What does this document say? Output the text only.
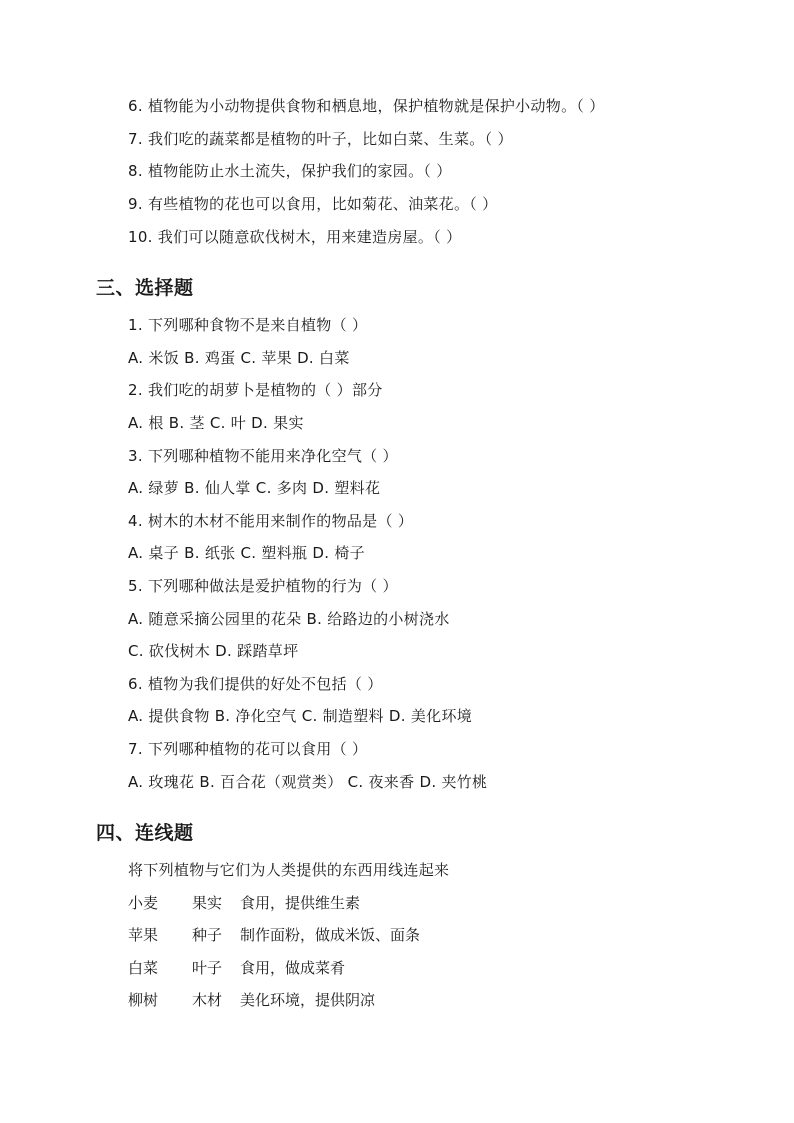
6. 植物能为小动物提供食物和栖息地，保护植物就是保护小动物。（ ）
7. 我们吃的蔬菜都是植物的叶子，比如白菜、生菜。（ ）
8. 植物能防止水土流失，保护我们的家园。（ ）
9. 有些植物的花也可以食用，比如菊花、油菜花。（ ）
10. 我们可以随意砍伐树木，用来建造房屋。（ ）
三、选择题
1. 下列哪种食物不是来自植物（ ）
A. 米饭 B. 鸡蛋 C. 苹果 D. 白菜
2. 我们吃的胡萝卜是植物的（ ）部分
A. 根 B. 茎 C. 叶 D. 果实
3. 下列哪种植物不能用来净化空气（ ）
A. 绿萝 B. 仙人掌 C. 多肉 D. 塑料花
4. 树木的木材不能用来制作的物品是（ ）
A. 桌子 B. 纸张 C. 塑料瓶 D. 椅子
5. 下列哪种做法是爱护植物的行为（ ）
A. 随意采摘公园里的花朵 B. 给路边的小树浇水
C. 砍伐树木 D. 踩踏草坪
6. 植物为我们提供的好处不包括（ ）
A. 提供食物 B. 净化空气 C. 制造塑料 D. 美化环境
7. 下列哪种植物的花可以食用（ ）
A. 玫瑰花 B. 百合花（观赏类） C. 夜来香 D. 夹竹桃
四、连线题
将下列植物与它们为人类提供的东西用线连起来
小麦 果实 食用，提供维生素
苹果 种子 制作面粉，做成米饭、面条
白菜 叶子 食用，做成菜肴
柳树 木材 美化环境，提供阴凉
